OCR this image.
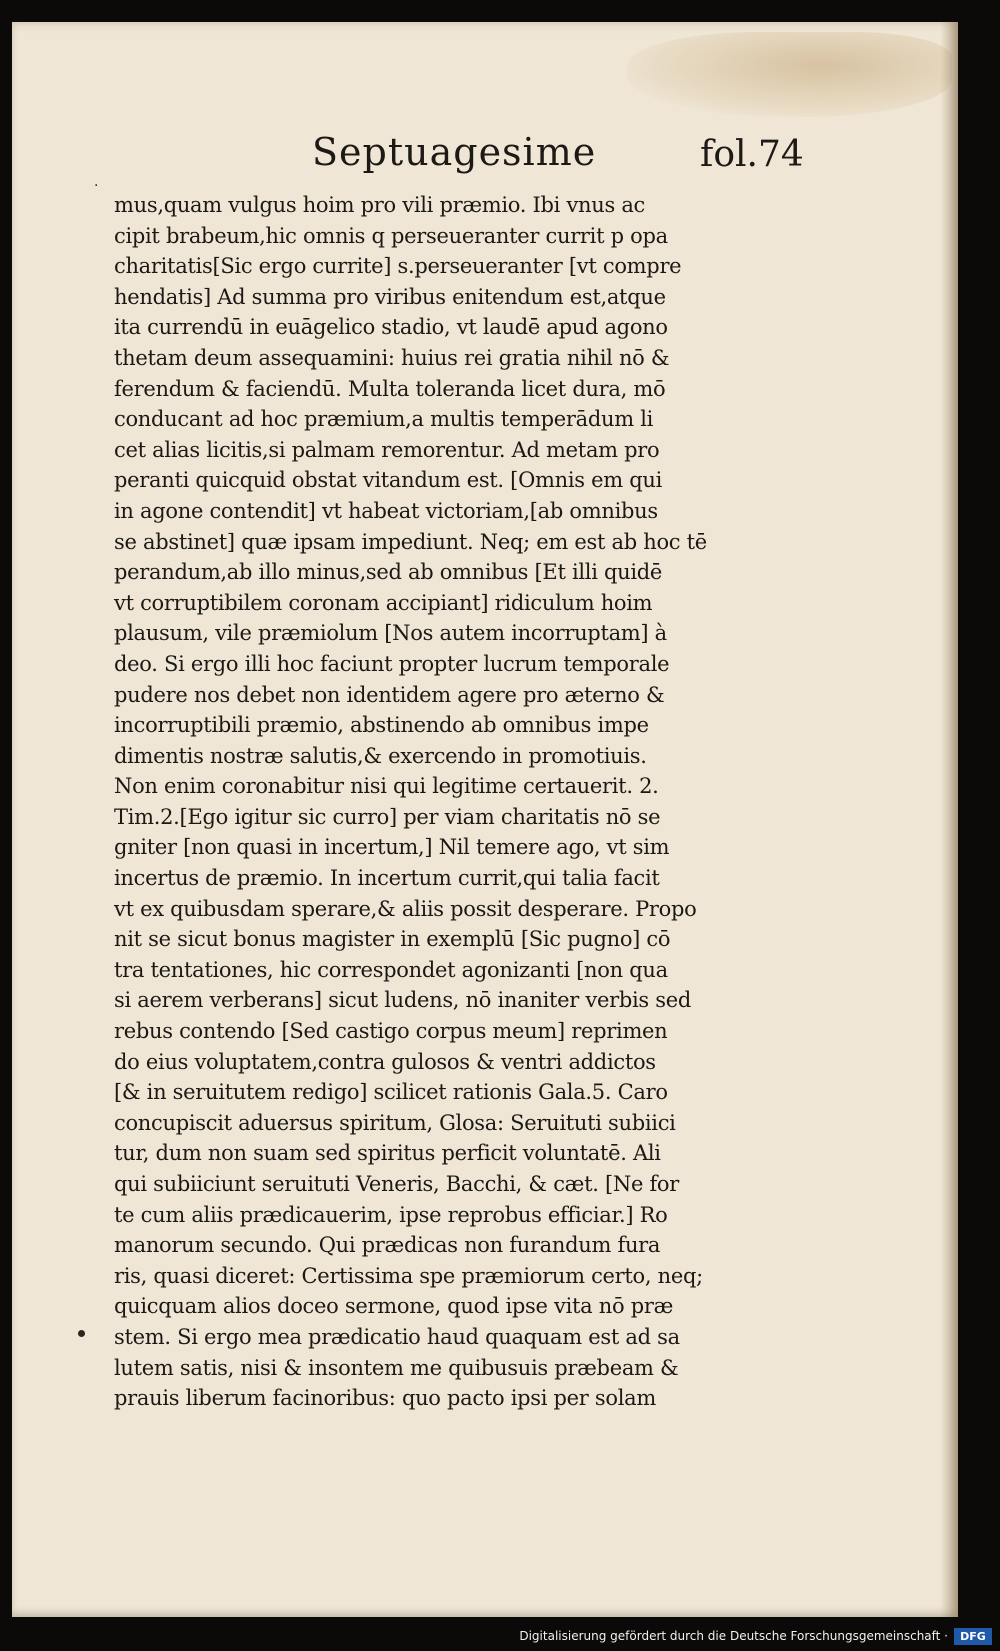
Septuagesime	fol.74
mus,quam vulgus hoim pro vili præmio. Ibi vnus ac
cipit brabeum,hic omnis q perseueranter currit p opa
charitatis[Sic ergo currite] s.perseueranter [vt compre
hendatis] Ad summa pro viribus enitendum est,atque
ita currendū in euāgelico stadio, vt laudē apud agono
thetam deum assequamini: huius rei gratia nihil nō &
ferendum & faciendū. Multa toleranda licet dura, mō
conducant ad hoc præmium,a multis temperādum li
cet alias licitis,si palmam remorentur. Ad metam pro
peranti quicquid obstat vitandum est. [Omnis em qui
in agone contendit] vt habeat victoriam,[ab omnibus
se abstinet] quæ ipsam impediunt. Neq; em est ab hoc tē
perandum,ab illo minus,sed ab omnibus [Et illi quidē
vt corruptibilem coronam accipiant] ridiculum hoim
plausum, vile præmiolum [Nos autem incorruptam] à
deo. Si ergo illi hoc faciunt propter lucrum temporale
pudere nos debet non identidem agere pro æterno &
incorruptibili præmio, abstinendo ab omnibus impe
dimentis nostræ salutis,& exercendo in promotiuis.
Non enim coronabitur nisi qui legitime certauerit. 2.
Tim.2.[Ego igitur sic curro] per viam charitatis nō se
gniter [non quasi in incertum,] Nil temere ago, vt sim
incertus de præmio. In incertum currit,qui talia facit
vt ex quibusdam sperare,& aliis possit desperare. Propo
nit se sicut bonus magister in exemplū [Sic pugno] cō
tra tentationes, hic correspondet agonizanti [non qua
si aerem verberans] sicut ludens, nō inaniter verbis sed
rebus contendo [Sed castigo corpus meum] reprimen
do eius voluptatem,contra gulosos & ventri addictos
[& in seruitutem redigo] scilicet rationis Gala.5. Caro
concupiscit aduersus spiritum, Glosa: Seruituti subiici
tur, dum non suam sed spiritus perficit voluntatē. Ali
qui subiiciunt seruituti Veneris, Bacchi, & cæt. [Ne for
te cum aliis prædicauerim, ipse reprobus efficiar.] Ro
manorum secundo. Qui prædicas non furandum fura
ris, quasi diceret: Certissima spe præmiorum certo, neq;
quicquam alios doceo sermone, quod ipse vita nō præ
stem. Si ergo mea prædicatio haud quaquam est ad sa
lutem satis, nisi & insontem me quibusuis præbeam &
prauis liberum facinoribus: quo pacto ipsi per solam
·
Digitalisierung gefördert durch die Deutsche Forschungsgemeinschaft ·	DFG
